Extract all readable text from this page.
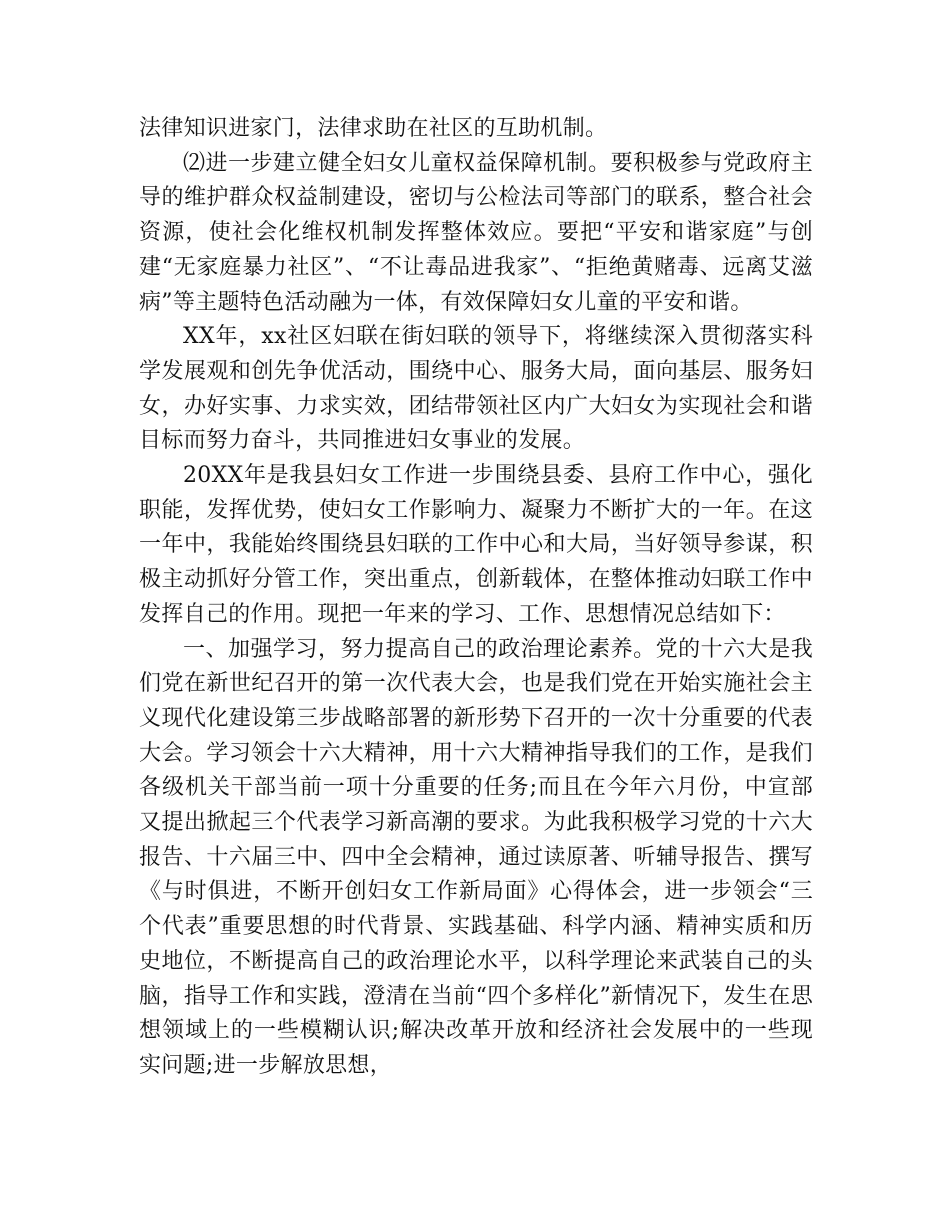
法律知识进家门，法律求助在社区的互助机制。

⑵进一步建立健全妇女儿童权益保障机制。要积极参与党政府主导的维护群众权益制建设，密切与公检法司等部门的联系，整合社会资源，使社会化维权机制发挥整体效应。要把“平安和谐家庭”与创建“无家庭暴力社区”、“不让毒品进我家”、“拒绝黄赌毒、远离艾滋病”等主题特色活动融为一体，有效保障妇女儿童的平安和谐。

XX年，xx社区妇联在街妇联的领导下，将继续深入贯彻落实科学发展观和创先争优活动，围绕中心、服务大局，面向基层、服务妇女，办好实事、力求实效，团结带领社区内广大妇女为实现社会和谐目标而努力奋斗，共同推进妇女事业的发展。

20XX年是我县妇女工作进一步围绕县委、县府工作中心，强化职能，发挥优势，使妇女工作影响力、凝聚力不断扩大的一年。在这一年中，我能始终围绕县妇联的工作中心和大局，当好领导参谋，积极主动抓好分管工作，突出重点，创新载体，在整体推动妇联工作中发挥自己的作用。现把一年来的学习、工作、思想情况总结如下：

一、加强学习，努力提高自己的政治理论素养。党的十六大是我们党在新世纪召开的第一次代表大会，也是我们党在开始实施社会主义现代化建设第三步战略部署的新形势下召开的一次十分重要的代表大会。学习领会十六大精神，用十六大精神指导我们的工作，是我们各级机关干部当前一项十分重要的任务;而且在今年六月份，中宣部又提出掀起三个代表学习新高潮的要求。为此我积极学习党的十六大报告、十六届三中、四中全会精神，通过读原著、听辅导报告、撰写《与时俱进，不断开创妇女工作新局面》心得体会，进一步领会“三个代表”重要思想的时代背景、实践基础、科学内涵、精神实质和历史地位，不断提高自己的政治理论水平，以科学理论来武装自己的头脑，指导工作和实践，澄清在当前“四个多样化”新情况下，发生在思想领域上的一些模糊认识;解决改革开放和经济社会发展中的一些现实问题;进一步解放思想，
